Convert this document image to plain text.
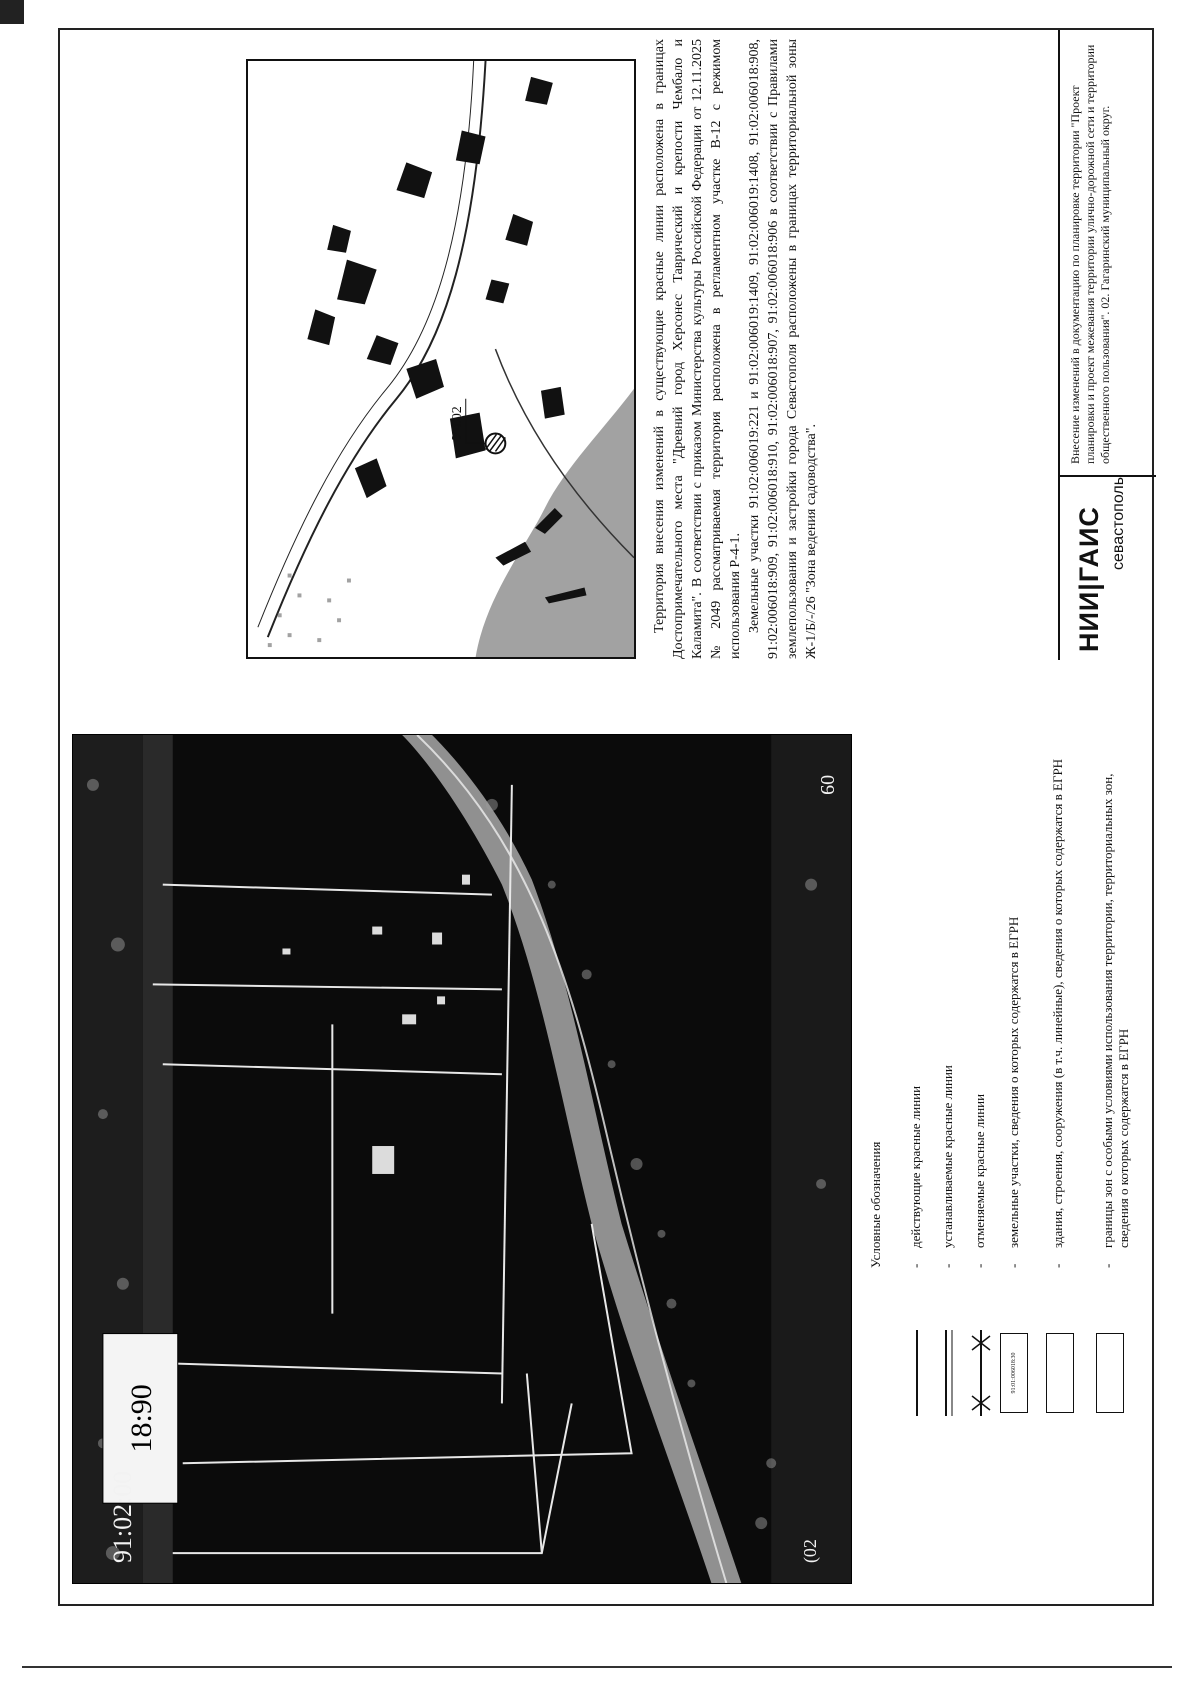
18:90
91:02:00
09
(02
Уч.02
Условные обозначения -
действующие красные линии
-
устанавливаемые красные линии
-
отменяемые красные линии
91:01:006018:30
-
земельные участки, сведения о которых содержатся в ЕГРН
-
здания, строения, сооружения (в т.ч. линейные), сведения о которых содержатся в ЕГРН
-
границы зон с особыми условиями использования территории, территориальных зон, сведения о которых содержатся в ЕГРН

Территория внесения изменений в существующие красные линии расположена в границах Достопримечательного места "Древний город Херсонес Таврический и крепости Чембало и Каламита". В соответствии с приказом Министерства культуры Российской Федерации от 12.11.2025 № 2049 рассматриваемая территория расположена в регламентном участке В-12 с режимом использования Р-4-1. Земельные участки 91:02:006019:221 и 91:02:006019:1409, 91:02:006019:1408, 91:02:006018:908, 91:02:006018:909, 91:02:006018:910, 91:02:006018:907, 91:02:006018:906 в соответствии с Правилами землепользования и застройки города Севастополя расположены в границах территориальной зоны Ж-1/Б/-/26 "Зона ведения садоводства".	НИИ|ГАИС севастополь
Внесение изменений в документацию по планировке территории "Проект планировки и проект межевания территории улично-дорожной сети и территории общественного пользования". 02. Гагаринский муниципальный округ.
